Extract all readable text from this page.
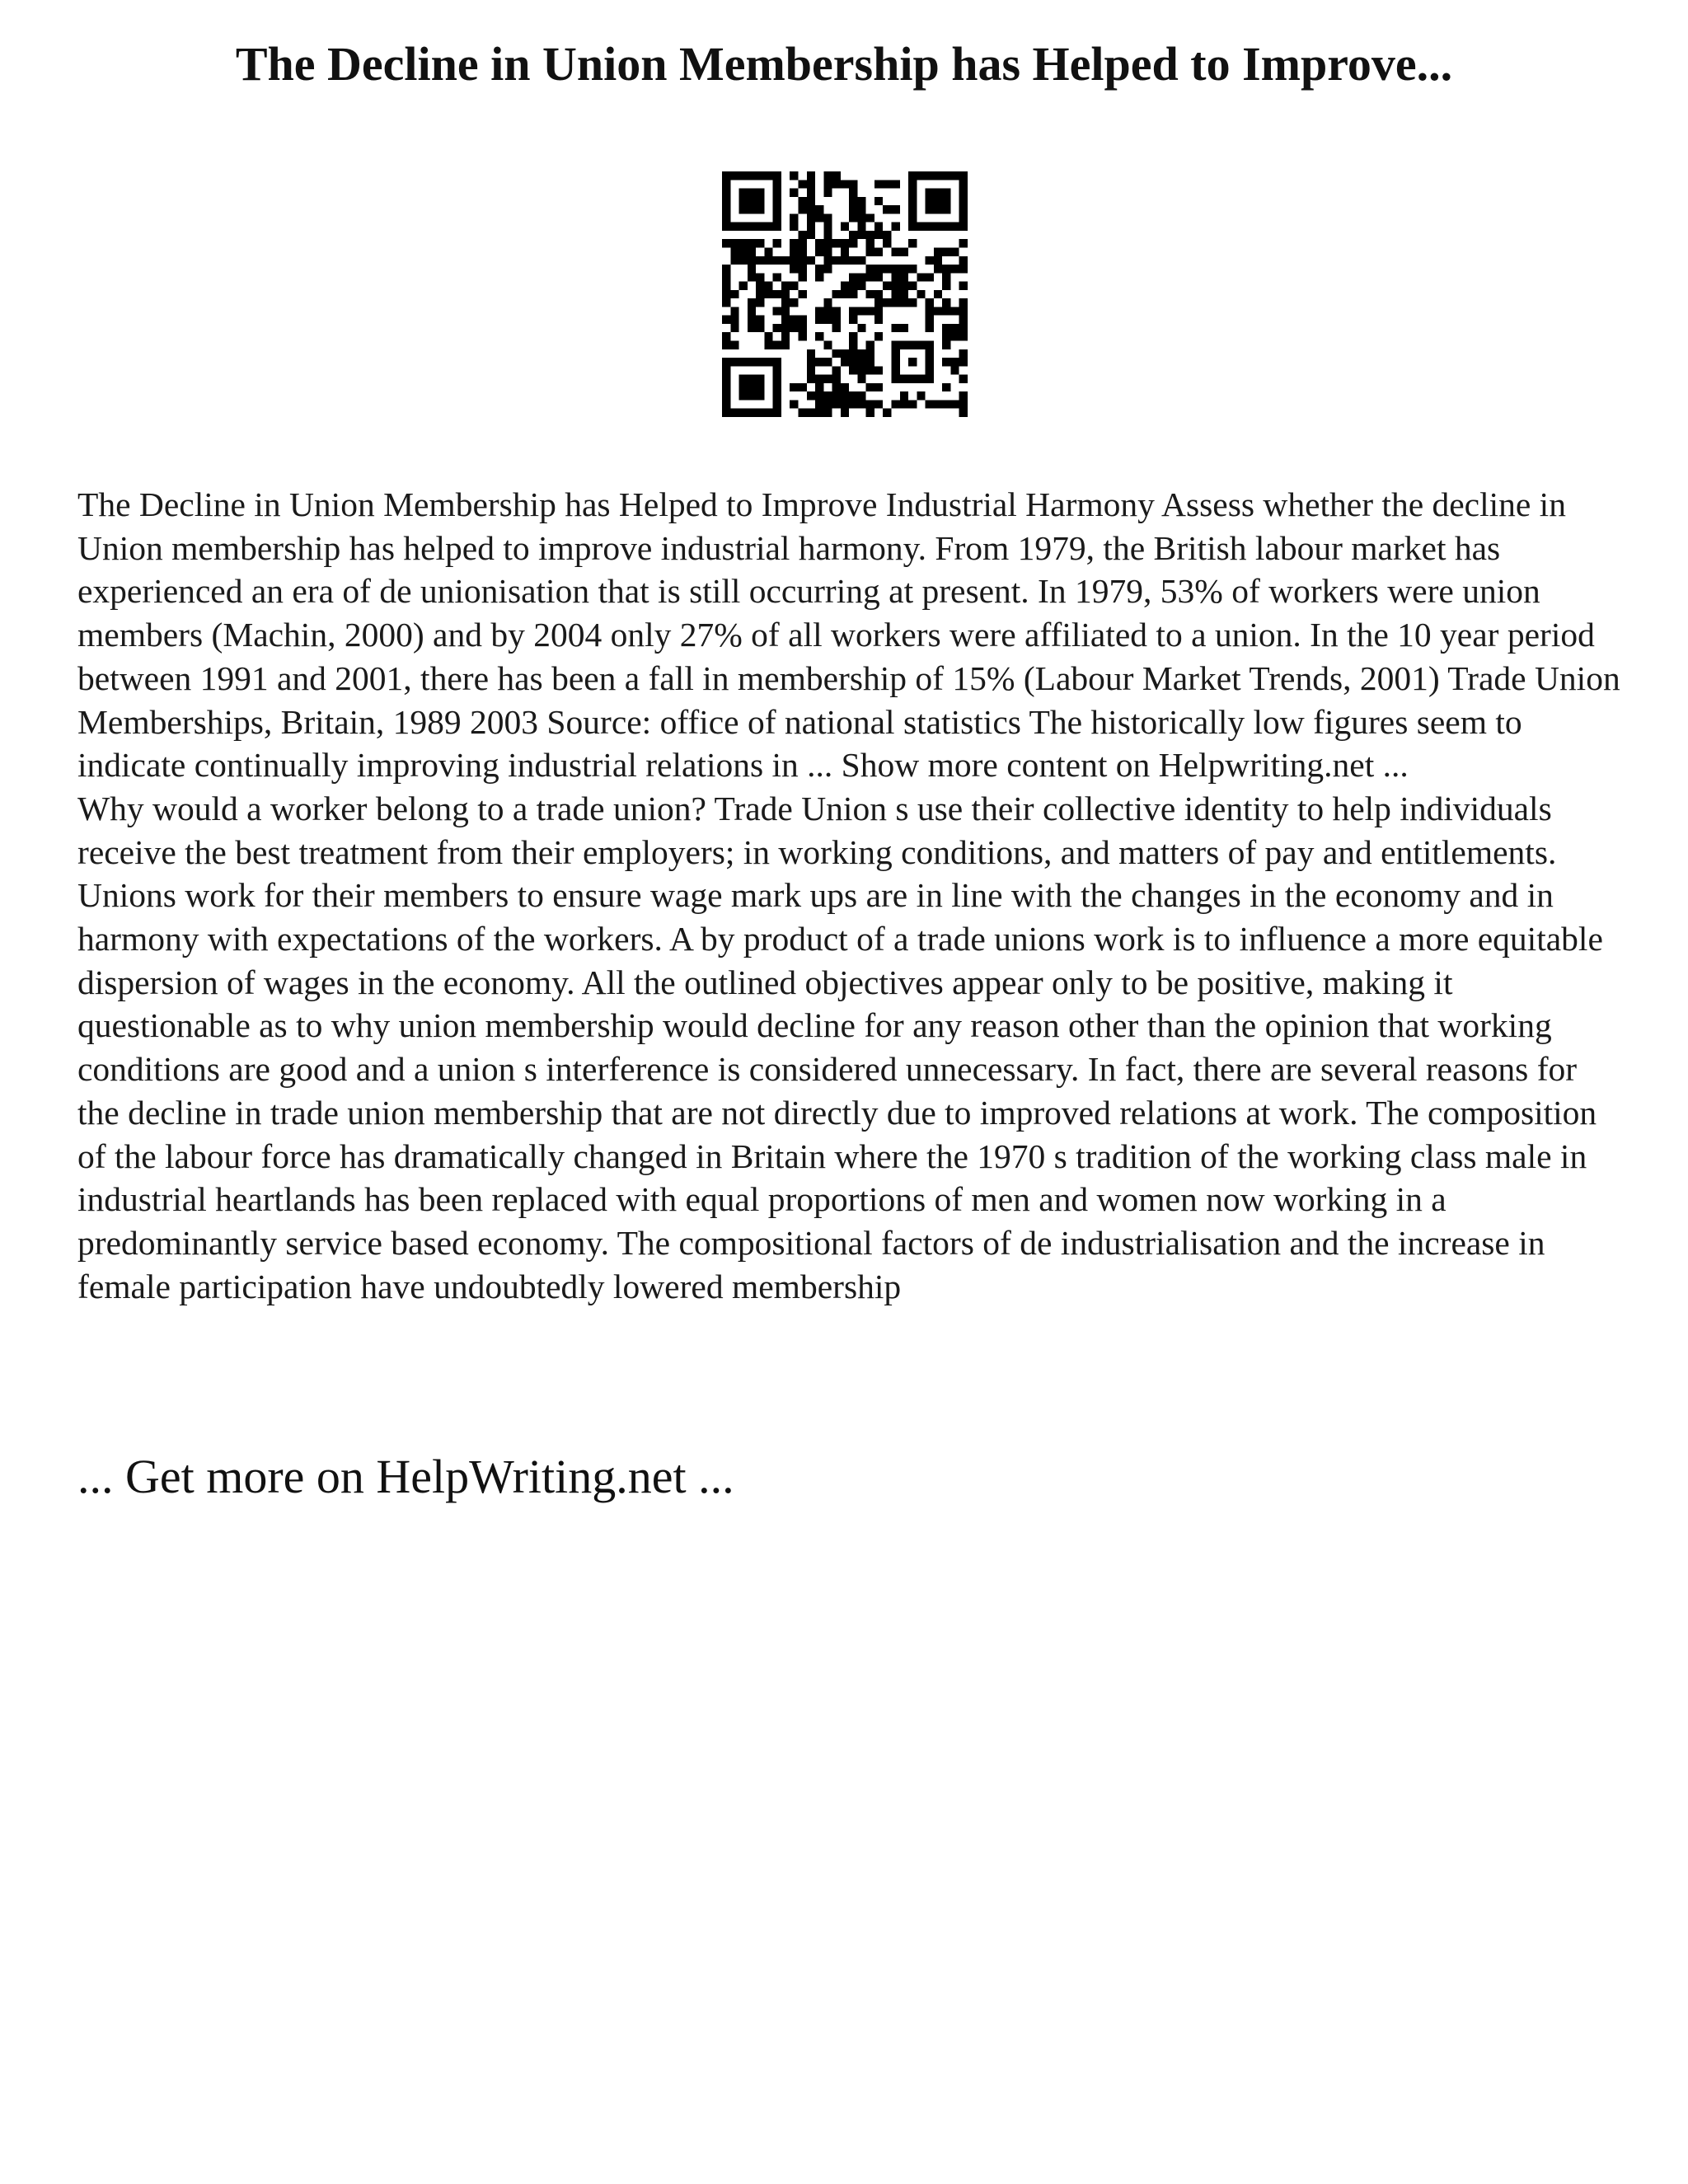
The Decline in Union Membership has Helped to Improve...

The Decline in Union Membership has Helped to Improve Industrial Harmony Assess whether the decline in Union membership has helped to improve industrial harmony. From 1979, the British labour market has experienced an era of de unionisation that is still occurring at present. In 1979, 53% of workers were union members (Machin, 2000) and by 2004 only 27% of all workers were affiliated to a union. In the 10 year period between 1991 and 2001, there has been a fall in membership of 15% (Labour Market Trends, 2001) Trade Union Memberships, Britain, 1989 2003 Source: office of national statistics The historically low figures seem to indicate continually improving industrial relations in ... Show more content on Helpwriting.net ...

Why would a worker belong to a trade union? Trade Union s use their collective identity to help individuals receive the best treatment from their employers; in working conditions, and matters of pay and entitlements. Unions work for their members to ensure wage mark ups are in line with the changes in the economy and in harmony with expectations of the workers. A by product of a trade unions work is to influence a more equitable dispersion of wages in the economy. All the outlined objectives appear only to be positive, making it questionable as to why union membership would decline for any reason other than the opinion that working conditions are good and a union s interference is considered unnecessary. In fact, there are several reasons for the decline in trade union membership that are not directly due to improved relations at work. The composition of the labour force has dramatically changed in Britain where the 1970 s tradition of the working class male in industrial heartlands has been replaced with equal proportions of men and women now working in a predominantly service based economy. The compositional factors of de industrialisation and the increase in female participation have undoubtedly lowered membership

... Get more on HelpWriting.net ...
